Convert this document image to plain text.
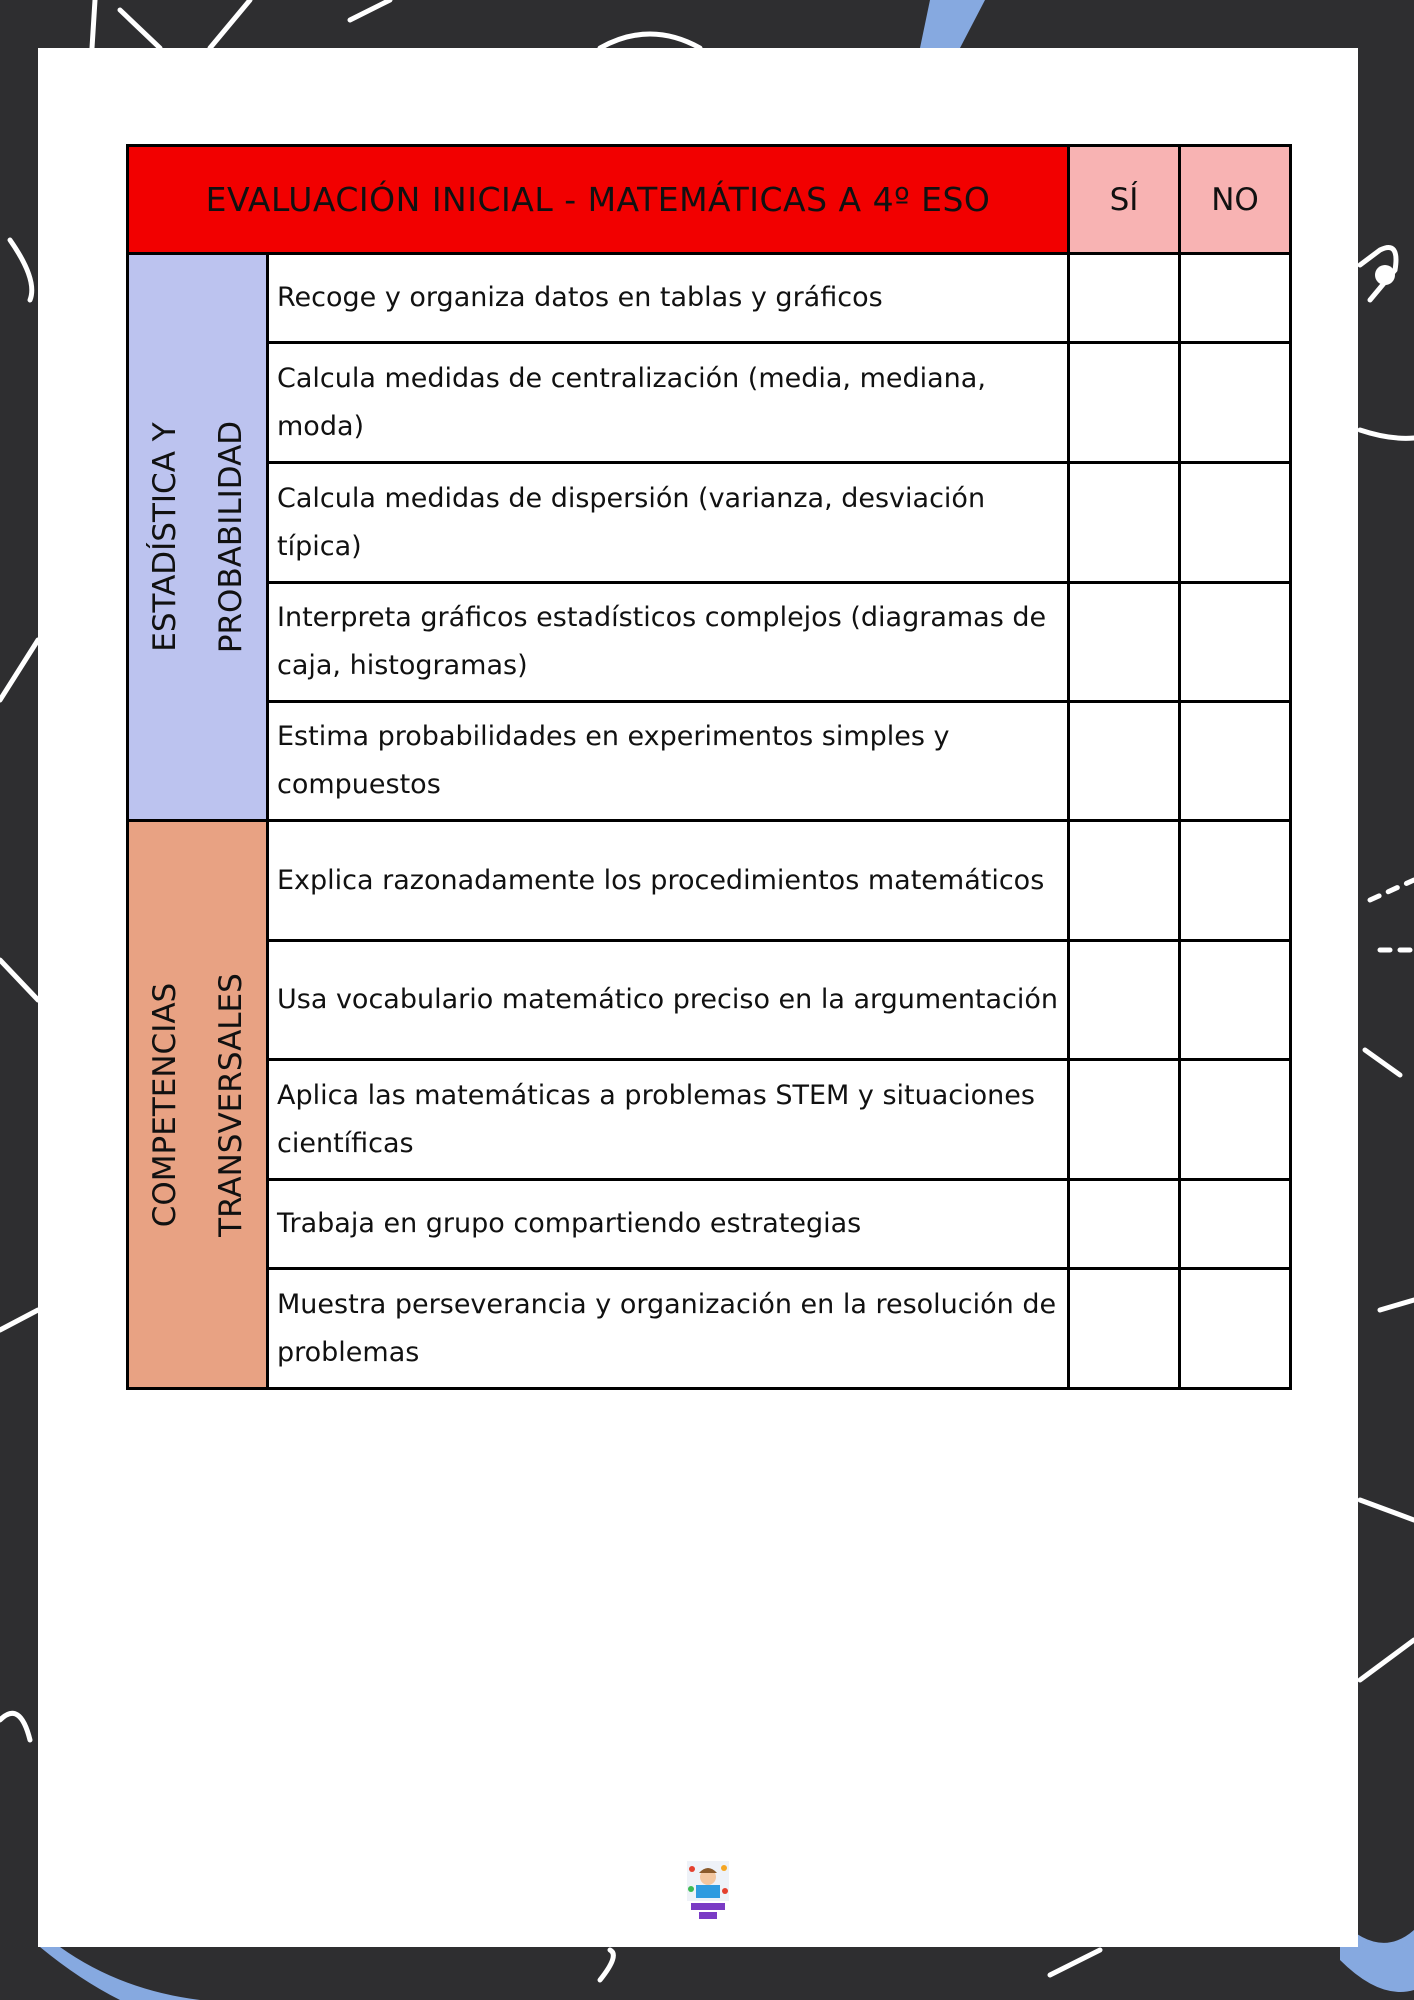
EVALUACIÓN INICIAL - MATEMÁTICAS A 4º ESO		SÍ	NO

ESTADÍSTICA Y PROBABILIDAD	Recoge y organiza datos en tablas y gráficos		
	Calcula medidas de centralización (media, mediana, moda)		
	Calcula medidas de dispersión (varianza, desviación típica)		
	Interpreta gráficos estadísticos complejos (diagramas de caja, histogramas)		
	Estima probabilidades en experimentos simples y compuestos		

COMPETENCIAS TRANSVERSALES	Explica razonadamente los procedimientos matemáticos		
	Usa vocabulario matemático preciso en la argumentación		
	Aplica las matemáticas a problemas STEM y situaciones científicas		
	Trabaja en grupo compartiendo estrategias		
	Muestra perseverancia y organización en la resolución de problemas		
